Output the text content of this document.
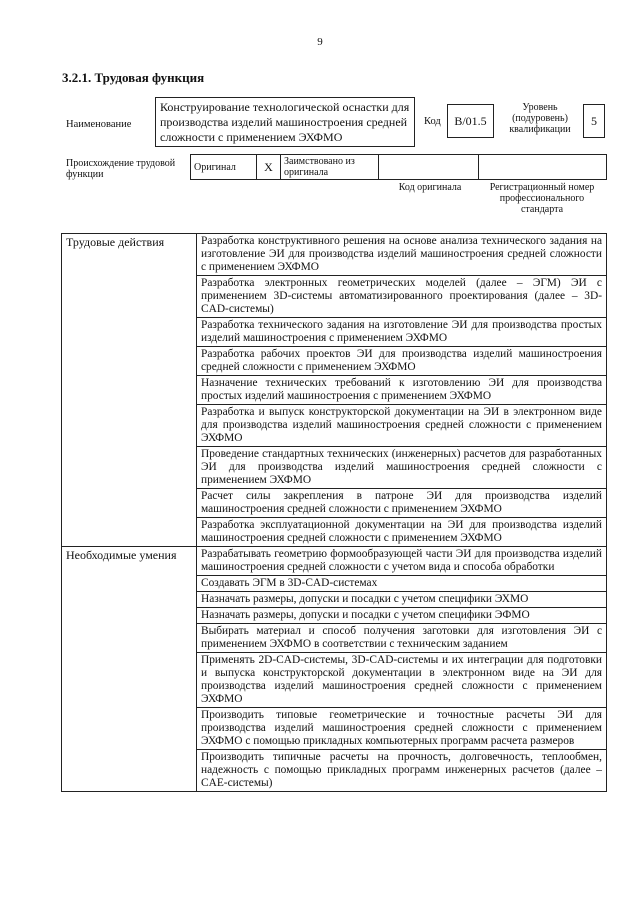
9
3.2.1. Трудовая функция
Наименование
Конструирование технологической оснастки для производства изделий машиностроения средней сложности с применением ЭХФМО
Код B/01.5
Уровень (подуровень) квалификации
5
Происхождение трудовой функции
Оригинал	X	Заимствовано из оригинала		
Код оригинала	Регистрационный номер профессионального стандарта
Трудовые действия	Разработка конструктивного решения на основе анализа технического задания на изготовление ЭИ для производства изделий машиностроения средней сложности с применением ЭХФМО
	Разработка электронных геометрических моделей (далее – ЭГМ) ЭИ с применением 3D-системы автоматизированного проектирования (далее – 3D-CAD-системы)
	Разработка технического задания на изготовление ЭИ для производства простых изделий машиностроения с применением ЭХФМО
	Разработка рабочих проектов ЭИ для производства изделий машиностроения средней сложности с применением ЭХФМО
	Назначение технических требований к изготовлению ЭИ для производства простых изделий машиностроения с применением ЭХФМО
	Разработка и выпуск конструкторской документации на ЭИ в электронном виде для производства изделий машиностроения средней сложности с применением ЭХФМО
	Проведение стандартных технических (инженерных) расчетов для разработанных ЭИ для производства изделий машиностроения средней сложности с применением ЭХФМО
	Расчет силы закрепления в патроне ЭИ для производства изделий машиностроения средней сложности с применением ЭХФМО
	Разработка эксплуатационной документации на ЭИ для производства изделий машиностроения средней сложности с применением ЭХФМО
Необходимые умения	Разрабатывать геометрию формообразующей части ЭИ для производства изделий машиностроения средней сложности с учетом вида и способа обработки
	Создавать ЭГМ в 3D-CAD-системах
	Назначать размеры, допуски и посадки с учетом специфики ЭХМО
	Назначать размеры, допуски и посадки с учетом специфики ЭФМО
	Выбирать материал и способ получения заготовки для изготовления ЭИ с применением ЭХФМО в соответствии с техническим заданием
	Применять 2D-CAD-системы, 3D-CAD-системы и их интеграции для подготовки и выпуска конструкторской документации в электронном виде на ЭИ для производства изделий машиностроения средней сложности с применением ЭХФМО
	Производить типовые геометрические и точностные расчеты ЭИ для производства изделий машиностроения средней сложности с применением ЭХФМО с помощью прикладных компьютерных программ расчета размеров
	Производить типичные расчеты на прочность, долговечность, теплообмен, надежность с помощью прикладных программ инженерных расчетов (далее – CAE-системы)
